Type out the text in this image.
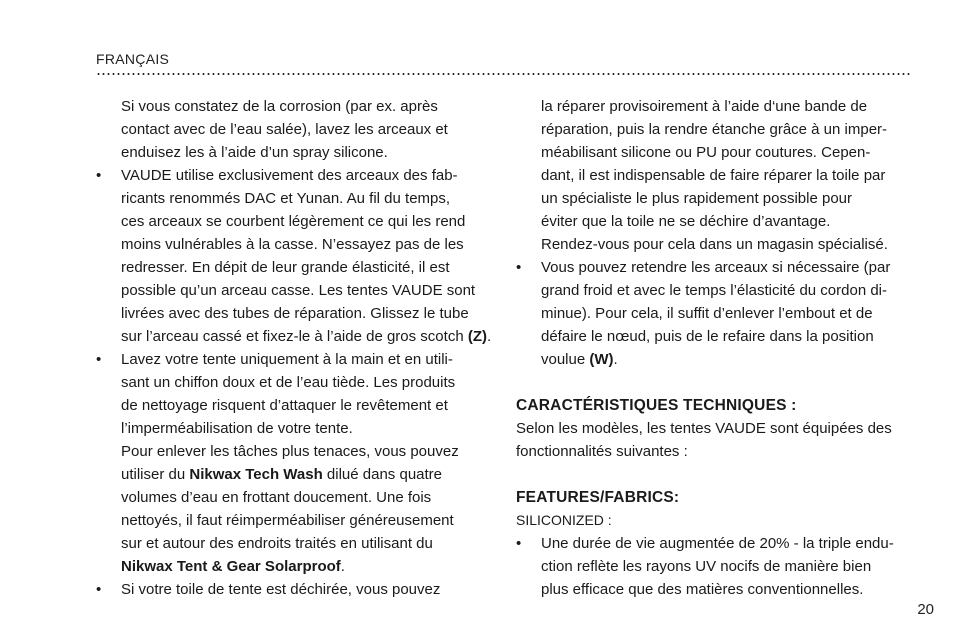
FRANÇAIS
Si vous constatez de la corrosion (par ex. après
contact avec de l’eau salée), lavez les arceaux et
enduisez les à l’aide d’un spray silicone.
•	VAUDE utilise exclusivement des arceaux des fab-
ricants renommés DAC et Yunan. Au fil du temps,
ces arceaux se courbent légèrement ce qui les rend
moins vulnérables à la casse. N’essayez pas de les
redresser. En dépit de leur grande élasticité, il est
possible qu’un arceau casse. Les tentes VAUDE sont
livrées avec des tubes de réparation. Glissez le tube
sur l’arceau cassé et fixez-le à l’aide de gros scotch (Z).
•	Lavez votre tente uniquement à la main et en utili-
sant un chiffon doux et de l’eau tiède. Les produits
de nettoyage risquent d’attaquer le revêtement et
l’imperméabilisation de votre tente.
Pour enlever les tâches plus tenaces, vous pouvez
utiliser du Nikwax Tech Wash dilué dans quatre
volumes d’eau en frottant doucement. Une fois
nettoyés, il faut réimperméabiliser généreusement
sur et autour des endroits traités en utilisant du
Nikwax Tent & Gear Solarproof.
•	Si votre toile de tente est déchirée, vous pouvez
la réparer provisoirement à l’aide d‘une bande de
réparation, puis la rendre étanche grâce à un imper-
méabilisant silicone ou PU pour coutures. Cepen-
dant, il est indispensable de faire réparer la toile par
un spécialiste le plus rapidement possible pour
éviter que la toile ne se déchire d’avantage.
Rendez-vous pour cela dans un magasin spécialisé.
•	Vous pouvez retendre les arceaux si nécessaire (par
grand froid et avec le temps l’élasticité du cordon di-
minue). Pour cela, il suffit d’enlever l’embout et de
défaire le nœud, puis de le refaire dans la position
voulue (W).
CARACTÉRISTIQUES TECHNIQUES :
Selon les modèles, les tentes VAUDE sont équipées des
fonctionnalités suivantes :
FEATURES/FABRICS:
SILICONIZED :
•	Une durée de vie augmentée de 20% - la triple endu-
ction reflète les rayons UV nocifs de manière bien
plus efficace que des matières conventionnelles.
20
